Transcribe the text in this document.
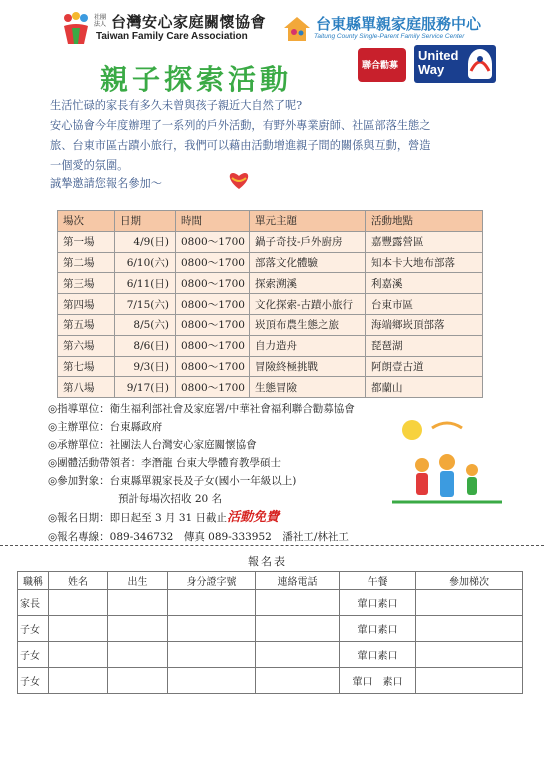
社團
法人 台灣安心家庭關懷協會
Taiwan Family Care Association
台東縣單親家庭服務中心
Taitung County Single-Parent Family Service Center
親子探索活動	聯合勸募
United
Way
生活忙碌的家長有多久未曾與孩子親近大自然了呢?
安心協會今年度辦理了一系列的戶外活動，有野外專業廚師、社區部落生態之
旅、台東市區古蹟小旅行，我們可以藉由活動增進親子間的關係與互動，營造
一個愛的氛圍。
誠摯邀請您報名參加～
場次	日期	時間	單元主題	活動地點
第一場	4/9(日)	0800～1700	鍋子奇技-戶外廚房	嘉豐露營區
第二場	6/10(六)	0800～1700	部落文化體驗	知本卡大地布部落
第三場	6/11(日)	0800～1700	探索溯溪	利嘉溪
第四場	7/15(六)	0800～1700	文化探索-古蹟小旅行	台東市區
第五場	8/5(六)	0800～1700	崁頂布農生態之旅	海端鄉崁頂部落
第六場	8/6(日)	0800～1700	自力造舟	琵琶湖
第七場	9/3(日)	0800～1700	冒險終極挑戰	阿朗壹古道
第八場	9/17(日)	0800～1700	生態冒險	都蘭山
◎指導單位：衛生福利部社會及家庭署/中華社會福利聯合勸募協會
◎主辦單位：台東縣政府
◎承辦單位：社團法人台灣安心家庭關懷協會
◎團體活動帶領者：李潛龍 台東大學體育教學碩士
◎參加對象：台東縣單親家長及子女(國小一年級以上)
預計每場次招收 20 名
◎報名日期：即日起至 3 月 31 日截止活動免費
◎報名專線：089-346732　傳真 089-333952　潘社工/林社工
報名表
職稱	姓名	出生	身分證字號	連絡電話	午餐	參加梯次
家長					葷口素口	
子女					葷口素口	
子女					葷口素口	
子女					葷口　素口	
